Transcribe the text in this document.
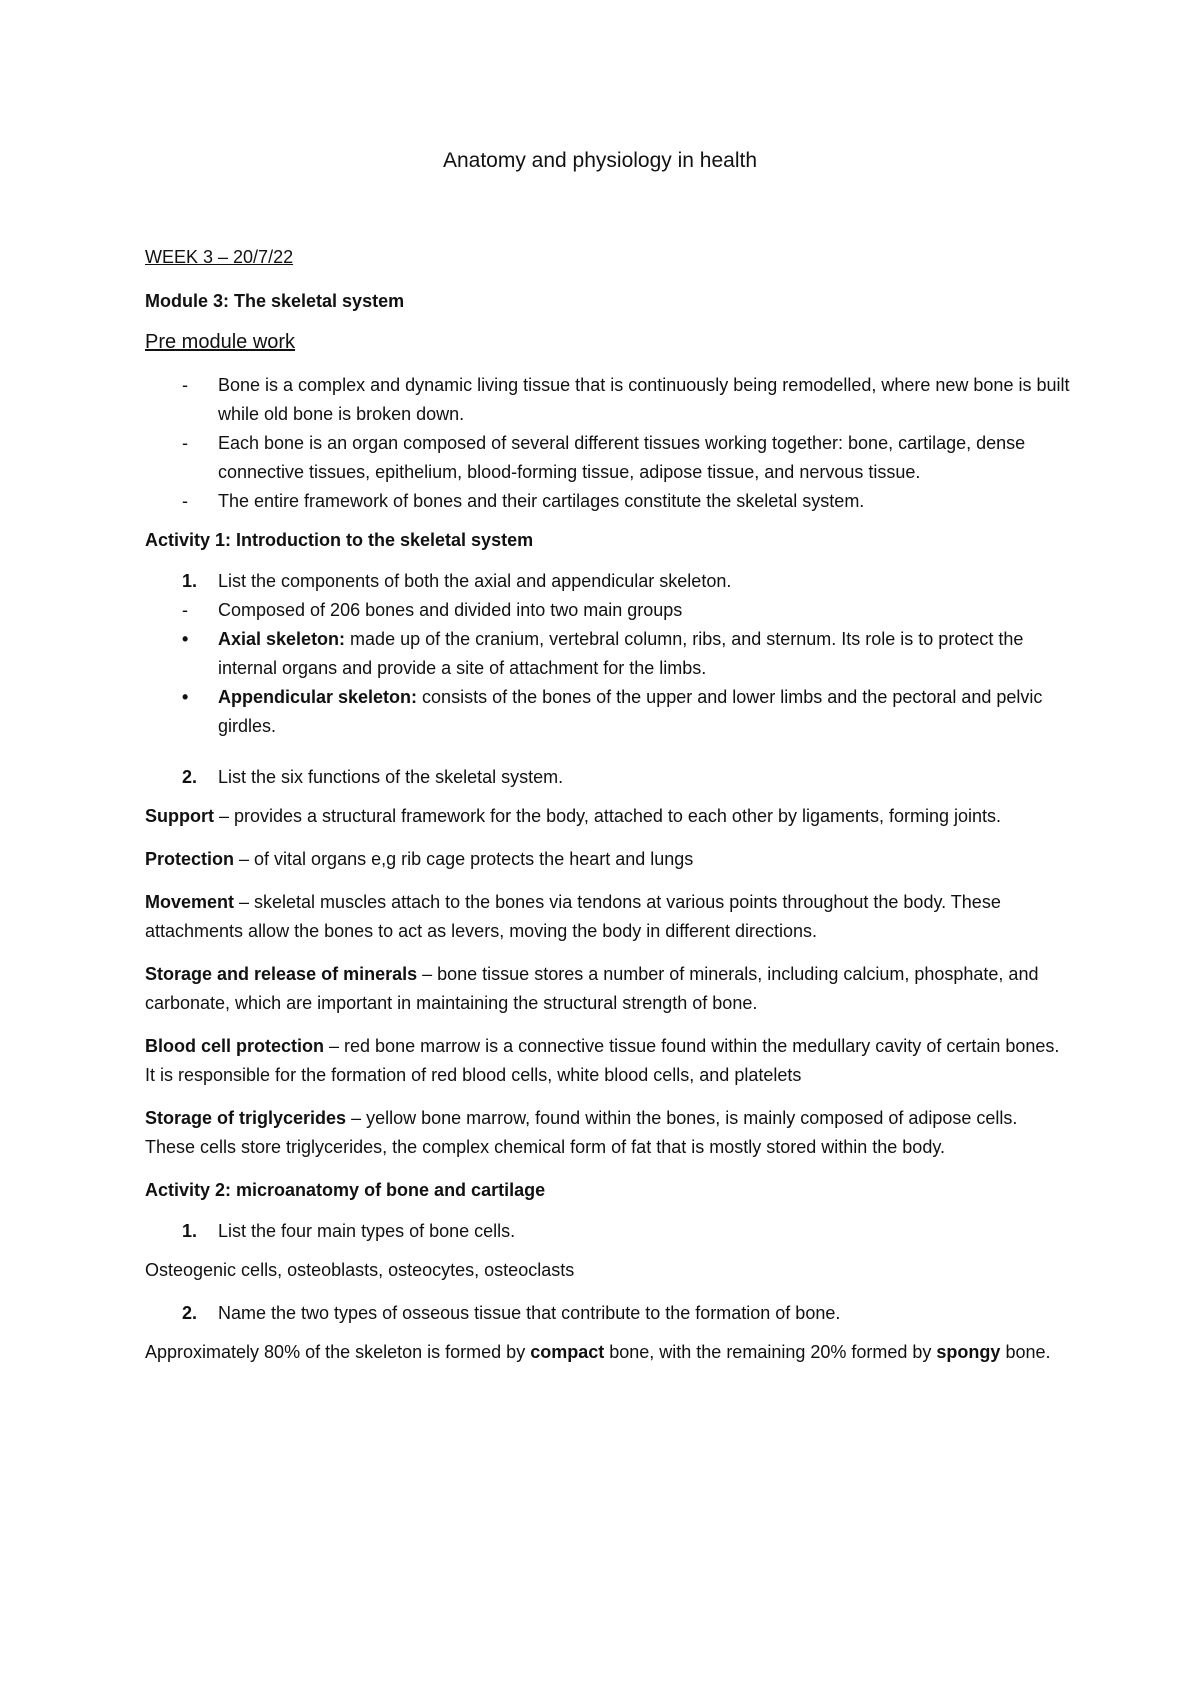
Anatomy and physiology in health
WEEK 3 – 20/7/22
Module 3: The skeletal system
Pre module work
-	Bone is a complex and dynamic living tissue that is continuously being remodelled, where new bone is built while old bone is broken down.
-	Each bone is an organ composed of several different tissues working together: bone, cartilage, dense connective tissues, epithelium, blood-forming tissue, adipose tissue, and nervous tissue.
-	The entire framework of bones and their cartilages constitute the skeletal system.
Activity 1: Introduction to the skeletal system
1.	List the components of both the axial and appendicular skeleton.
-	Composed of 206 bones and divided into two main groups
•	Axial skeleton: made up of the cranium, vertebral column, ribs, and sternum. Its role is to protect the internal organs and provide a site of attachment for the limbs.
•	Appendicular skeleton: consists of the bones of the upper and lower limbs and the pectoral and pelvic girdles.
2.	List the six functions of the skeletal system.

Support – provides a structural framework for the body, attached to each other by ligaments, forming joints.

Protection – of vital organs e,g rib cage protects the heart and lungs

Movement – skeletal muscles attach to the bones via tendons at various points throughout the body. These attachments allow the bones to act as levers, moving the body in different directions.

Storage and release of minerals – bone tissue stores a number of minerals, including calcium, phosphate, and carbonate, which are important in maintaining the structural strength of bone.

Blood cell protection – red bone marrow is a connective tissue found within the medullary cavity of certain bones. It is responsible for the formation of red blood cells, white blood cells, and platelets

Storage of triglycerides – yellow bone marrow, found within the bones, is mainly composed of adipose cells. These cells store triglycerides, the complex chemical form of fat that is mostly stored within the body.

Activity 2: microanatomy of bone and cartilage
1.	List the four main types of bone cells.

Osteogenic cells, osteoblasts, osteocytes, osteoclasts

2.	Name the two types of osseous tissue that contribute to the formation of bone.

Approximately 80% of the skeleton is formed by compact bone, with the remaining 20% formed by spongy bone.
